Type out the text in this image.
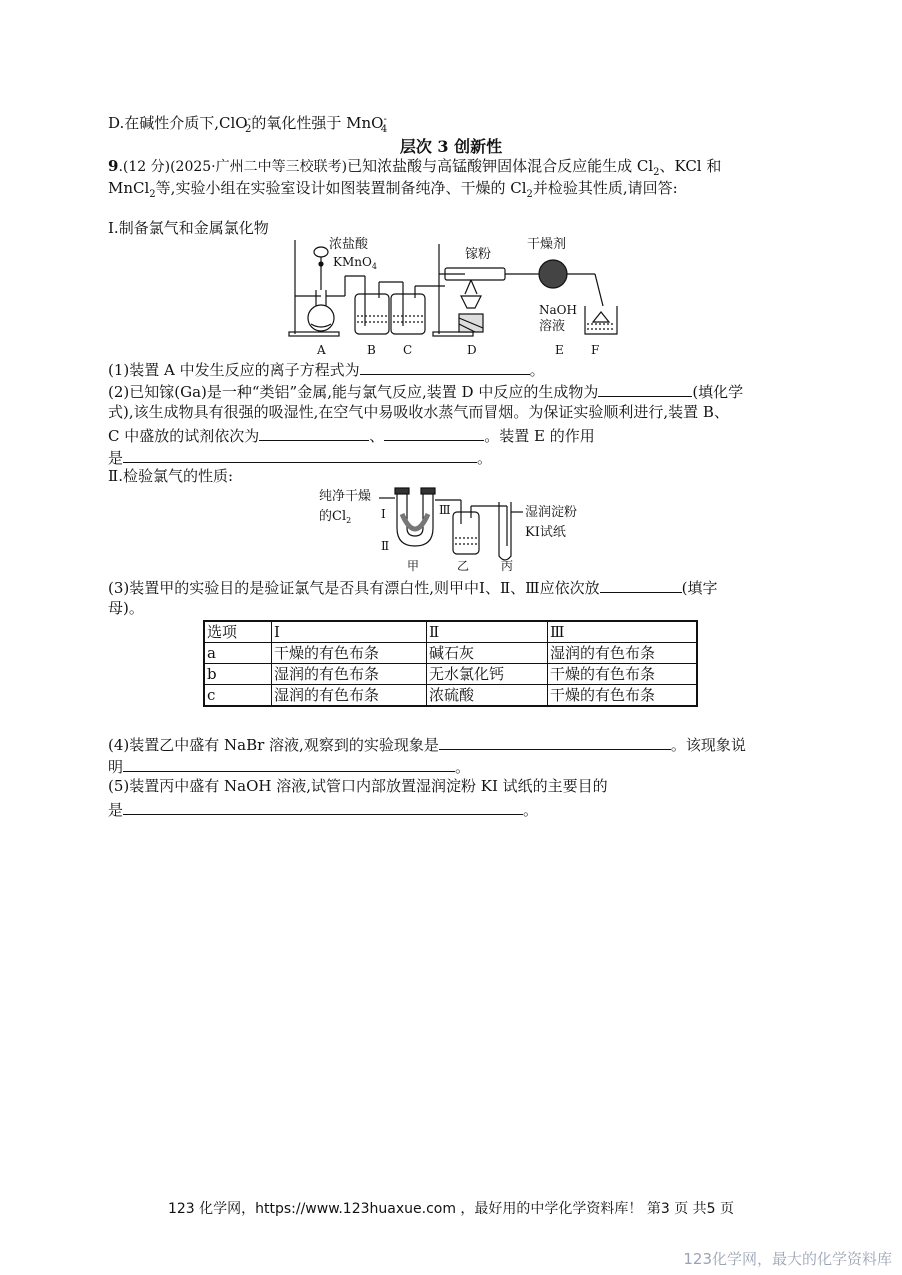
D.在碱性介质下,ClO-$_2$的氧化性强于 MnO-$_4$
层次 3 创新性
9.(12 分)(2025·广州二中等三校联考)已知浓盐酸与高锰酸钾固体混合反应能生成 $Cl_2$、KCl 和
MnCl$_2$等,实验小组在实验室设计如图装置制备纯净、干燥的 $Cl_2$并检验其性质,请回答:
Ⅰ.制备氯气和金属氯化物
浓盐酸
KMnO$_4$
镓粉
干燥剂
NaOH
溶液
A	B C	D	E F
(1)装置 A 中发生反应的离子方程式为	。
(2)已知镓(Ga)是一种“类铝”金属,能与氯气反应,装置 D 中反应的生成物为	(填化学
式),该生成物具有很强的吸湿性,在空气中易吸收水蒸气而冒烟。为保证实验顺利进行,装置 B、
C 中盛放的试剂依次为	、	。装置 E 的作用
是	。
Ⅱ.检验氯气的性质:
纯净干燥
的$Cl_2$ Ⅰ
Ⅱ
Ⅲ	湿润淀粉
KI试纸
甲	乙	丙
(3)装置甲的实验目的是验证氯气是否具有漂白性,则甲中Ⅰ、Ⅱ、Ⅲ应依次放	(填字
母)。
选项	Ⅰ	Ⅱ	Ⅲ
a	干燥的有色布条	碱石灰	湿润的有色布条
b	湿润的有色布条	无水氯化钙	干燥的有色布条
c	湿润的有色布条	浓硫酸	干燥的有色布条
(4)装置乙中盛有 NaBr 溶液,观察到的实验现象是	。该现象说
明	。
(5)装置丙中盛有 NaOH 溶液,试管口内部放置湿润淀粉 KI 试纸的主要目的
是	。
123 化学网，https://www.123huaxue.com ，最好用的中学化学资料库！ 第3 页 共5 页
123化学网，最大的化学资料库
